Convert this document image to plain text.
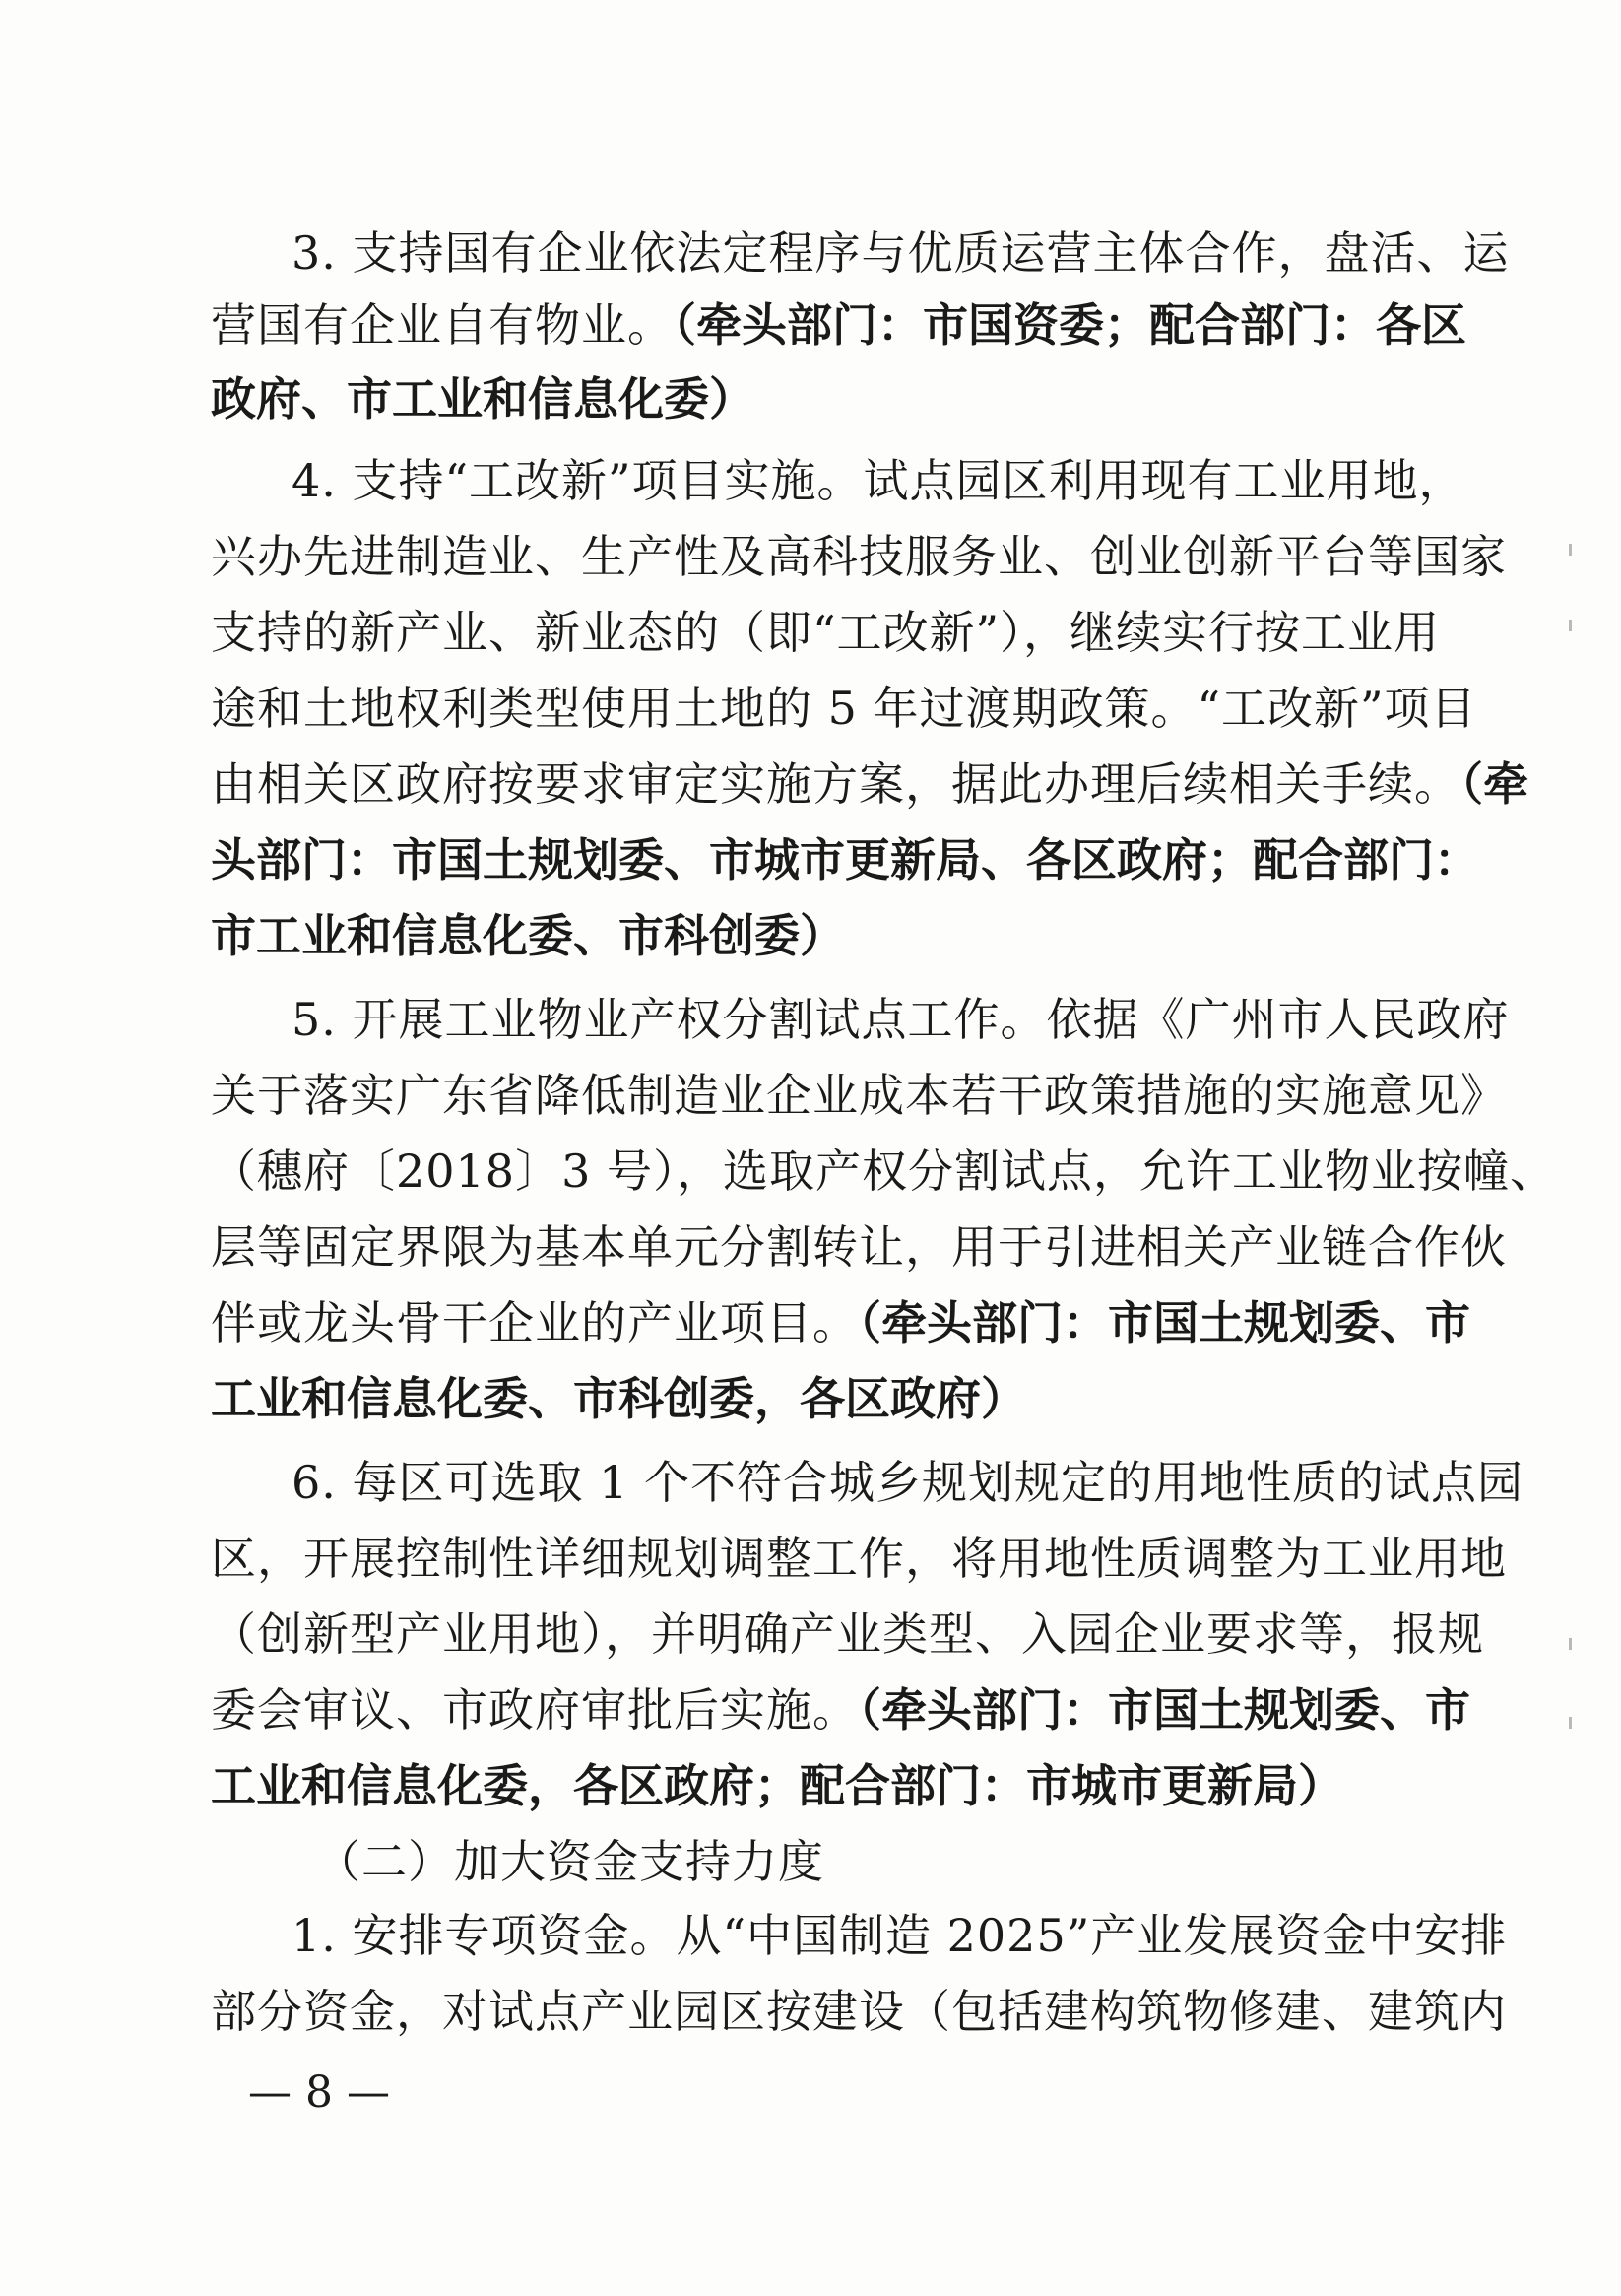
3. 支持国有企业依法定程序与优质运营主体合作，盘活、运
营国有企业自有物业。（牵头部门：市国资委；配合部门：各区
政府、市工业和信息化委）
4. 支持“工改新”项目实施。试点园区利用现有工业用地，
兴办先进制造业、生产性及高科技服务业、创业创新平台等国家
支持的新产业、新业态的（即“工改新”），继续实行按工业用
途和土地权利类型使用土地的 5 年过渡期政策。“工改新”项目
由相关区政府按要求审定实施方案，据此办理后续相关手续。（牵
头部门：市国土规划委、市城市更新局、各区政府；配合部门：
市工业和信息化委、市科创委）
5. 开展工业物业产权分割试点工作。依据《广州市人民政府
关于落实广东省降低制造业企业成本若干政策措施的实施意见》
（穗府〔2018〕3 号），选取产权分割试点，允许工业物业按幢、
层等固定界限为基本单元分割转让，用于引进相关产业链合作伙
伴或龙头骨干企业的产业项目。（牵头部门：市国土规划委、市
工业和信息化委、市科创委，各区政府）
6. 每区可选取 1 个不符合城乡规划规定的用地性质的试点园
区，开展控制性详细规划调整工作，将用地性质调整为工业用地
（创新型产业用地），并明确产业类型、入园企业要求等，报规
委会审议、市政府审批后实施。（牵头部门：市国土规划委、市
工业和信息化委，各区政府；配合部门：市城市更新局）
（二）加大资金支持力度
1. 安排专项资金。从“中国制造 2025”产业发展资金中安排
部分资金，对试点产业园区按建设（包括建构筑物修建、建筑内
— 8 —
